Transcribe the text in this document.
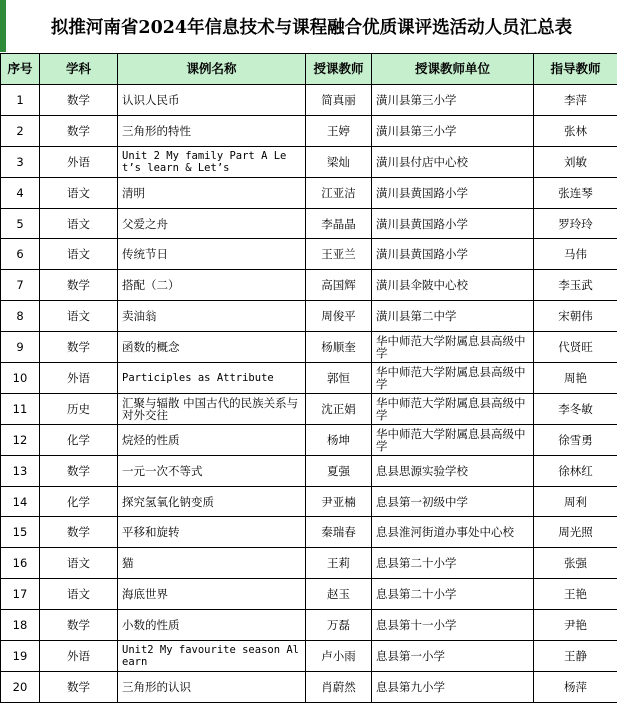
拟推河南省2024年信息技术与课程融合优质课评选活动人员汇总表
序号	学科	课例名称	授课教师	授课教师单位	指导教师
1	数学	认识人民币	简真丽	潢川县第三小学	李萍
2	数学	三角形的特性	王婷	潢川县第三小学	张林
3	外语	Unit 2 My family Part A Let’s learn & Let’s	梁灿	潢川县付店中心校	刘敏
4	语文	清明	江亚洁	潢川县黄国路小学	张连琴
5	语文	父爱之舟	李晶晶	潢川县黄国路小学	罗玲玲
6	语文	传统节日	王亚兰	潢川县黄国路小学	马伟
7	数学	搭配（二）	高国辉	潢川县伞陂中心校	李玉武
8	语文	卖油翁	周俊平	潢川县第二中学	宋朝伟
9	数学	函数的概念	杨顺奎	华中师范大学附属息县高级中学	代贤旺
10	外语	Participles as Attribute	郭恒	华中师范大学附属息县高级中学	周艳
11	历史	汇聚与辐散 中国古代的民族关系与对外交往	沈正娟	华中师范大学附属息县高级中学	李冬敏
12	化学	烷烃的性质	杨坤	华中师范大学附属息县高级中学	徐雪勇
13	数学	一元一次不等式	夏强	息县思源实验学校	徐林红
14	化学	探究氢氧化钠变质	尹亚楠	息县第一初级中学	周利
15	数学	平移和旋转	秦瑞春	息县淮河街道办事处中心校	周光照
16	语文	猫	王莉	息县第二十小学	张强
17	语文	海底世界	赵玉	息县第二十小学	王艳
18	数学	小数的性质	万磊	息县第十一小学	尹艳
19	外语	Unit2 My favourite season Alearn	卢小雨	息县第一小学	王静
20	数学	三角形的认识	肖蔚然	息县第九小学	杨萍
